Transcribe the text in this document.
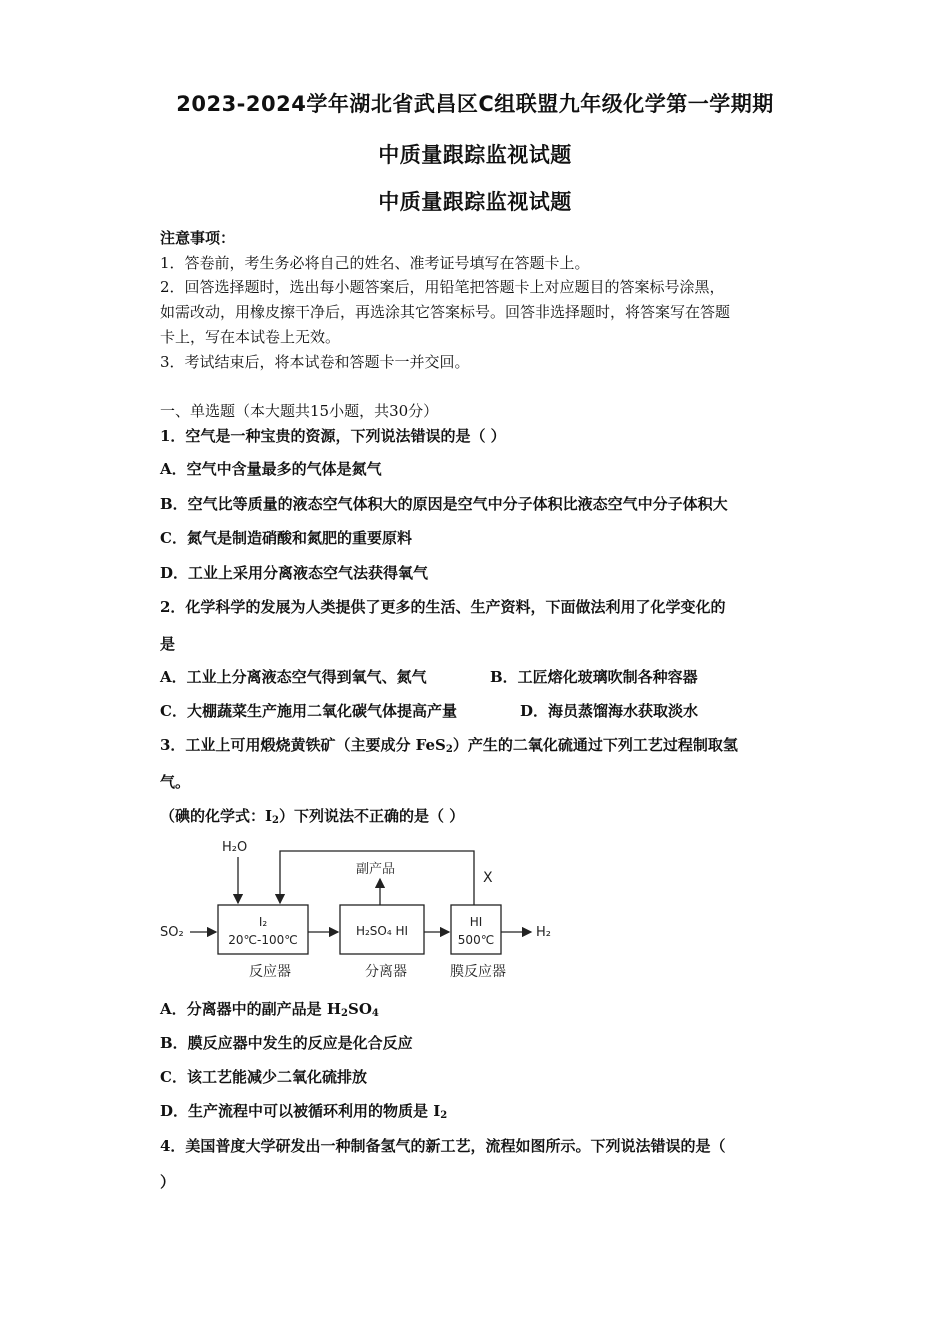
2023-2024学年湖北省武昌区C组联盟九年级化学第一学期期
中质量跟踪监视试题
中质量跟踪监视试题
注意事项：
1．答卷前，考生务必将自己的姓名、准考证号填写在答题卡上。
2．回答选择题时，选出每小题答案后，用铅笔把答题卡上对应题目的答案标号涂黑，
如需改动，用橡皮擦干净后，再选涂其它答案标号。回答非选择题时，将答案写在答题
卡上，写在本试卷上无效。
3．考试结束后，将本试卷和答题卡一并交回。
一、单选题（本大题共15小题，共30分）
1．空气是一种宝贵的资源，下列说法错误的是（ ）
A．空气中含量最多的气体是氮气
B．空气比等质量的液态空气体积大的原因是空气中分子体积比液态空气中分子体积大
C．氮气是制造硝酸和氮肥的重要原料
D．工业上采用分离液态空气法获得氧气
2．化学科学的发展为人类提供了更多的生活、生产资料，下面做法利用了化学变化的
是
A．工业上分离液态空气得到氧气、氮气	B．工匠熔化玻璃吹制各种容器
C．大棚蔬菜生产施用二氧化碳气体提高产量	D．海员蒸馏海水获取淡水
3．工业上可用煅烧黄铁矿（主要成分 FeS$_2$）产生的二氧化硫通过下列工艺过程制取氢
气。
（碘的化学式：$I_2$）下列说法不正确的是（ ）
H₂O
X
副产品
SO₂
I₂
20℃-100℃
H₂SO₄ HI
HI
500℃	H₂
反应器	分离器	膜反应器
A．分离器中的副产品是 $H_2SO_4$
B．膜反应器中发生的反应是化合反应
C．该工艺能减少二氧化硫排放
D．生产流程中可以被循环利用的物质是 $I_2$
4．美国普度大学研发出一种制备氢气的新工艺，流程如图所示。下列说法错误的是（
）
